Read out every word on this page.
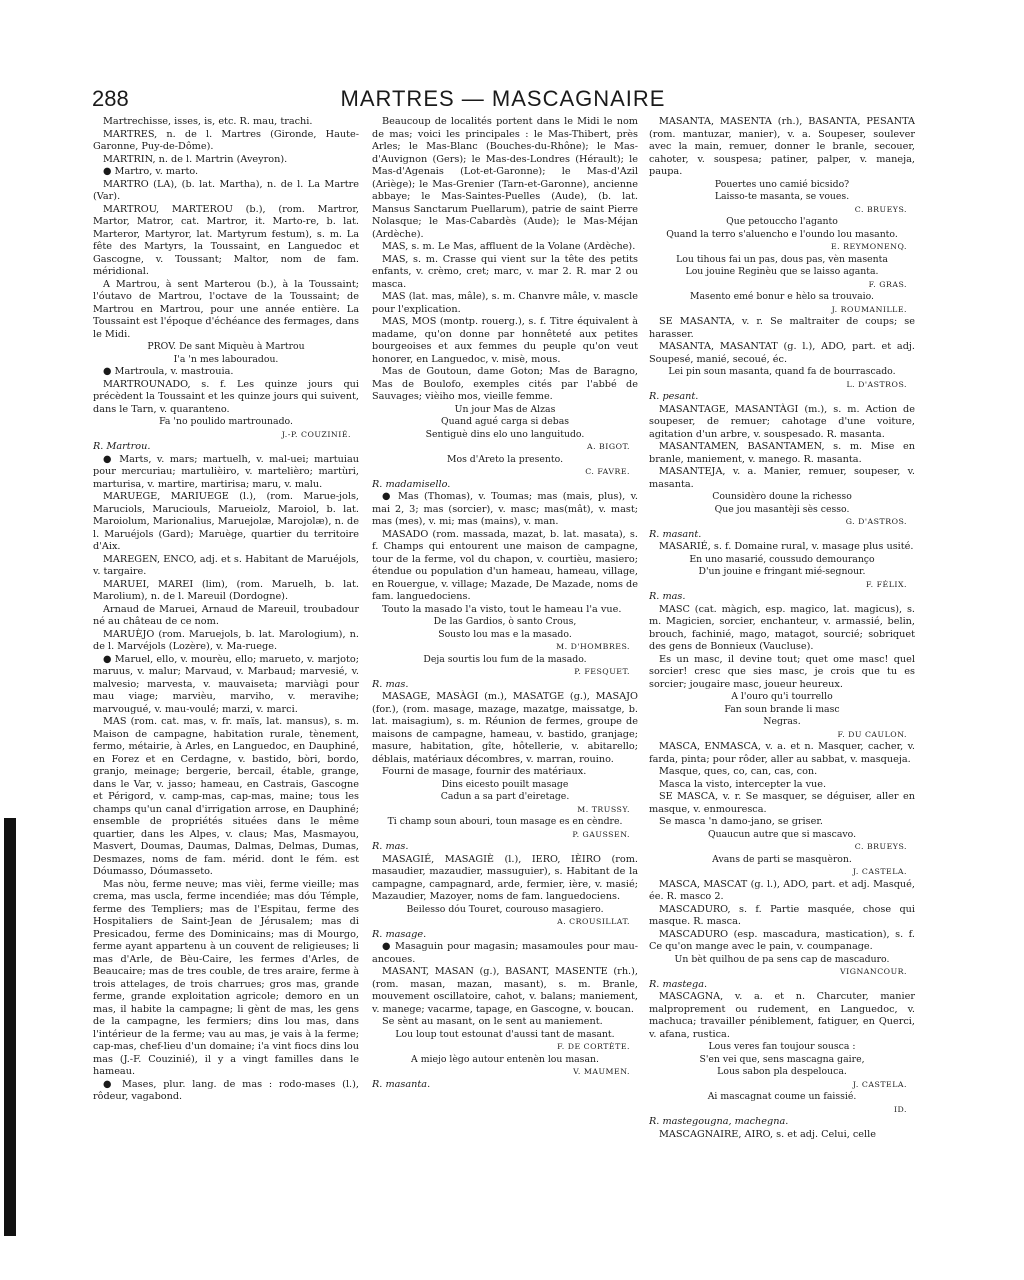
288	MARTRES — MASCAGNAIRE

Martrechisse, isses, is, etc. R. mau, trachi.

MARTRES, n. de l. Martres (Gironde, Haute-Garonne, Puy-de-Dôme).

MARTRIN, n. de l. Martrin (Aveyron).

● Martro, v. marto.

MARTRO (LA), (b. lat. Martha), n. de l. La Martre (Var).

MARTROU, MARTEROU (b.), (rom. Martror, Martor, Matror, cat. Martror, it. Marto-re, b. lat. Marteror, Martyror, lat. Martyrum festum), s. m. La fête des Martyrs, la Toussaint, en Languedoc et Gascogne, v. Toussant; Maltor, nom de fam. méridional.

A Martrou, à sent Marterou (b.), à la Toussaint; l'óutavo de Martrou, l'octave de la Toussaint; de Martrou en Martrou, pour une année entière. La Toussaint est l'époque d'échéance des fermages, dans le Midi.

PROV. De sant Miquèu à Martrou

I'a 'n mes labouradou.

● Martroula, v. mastrouia.

MARTROUNADO, s. f. Les quinze jours qui précèdent la Toussaint et les quinze jours qui suivent, dans le Tarn, v. quaranteno.

Fa 'no poulido martrounado.

J.-P. COUZINIÉ.

R. Martrou.

● Marts, v. mars; martuelh, v. mal-uei; martuiau pour mercuriau; martulièiro, v. martelièro; martùri, marturisa, v. martire, martirisa; maru, v. malu.

MARUEGE, MARIUEGE (l.), (rom. Marue-jols, Maruciols, Maruciouls, Marueiolz, Maroiol, b. lat. Maroiolum, Marionalius, Maruejolæ, Marojolæ), n. de l. Maruéjols (Gard); Maruège, quartier du territoire d'Aix.

MAREGEN, ENCO, adj. et s. Habitant de Maruéjols, v. targaire.

MARUEI, MAREI (lim), (rom. Maruelh, b. lat. Marolium), n. de l. Mareuil (Dordogne).

Arnaud de Maruei, Arnaud de Mareuil, troubadour né au château de ce nom.

MARUÈJO (rom. Maruejols, b. lat. Marologium), n. de l. Marvéjols (Lozère), v. Ma-ruege.

● Maruel, ello, v. mourèu, ello; marueto, v. marjoto; maruus, v. malur; Marvaud, v. Marbaud; marvesié, v. malvesio; marvesta, v. mauvaiseta; marviàgi pour mau viage; marvièu, marviho, v. meravihe; marvougué, v. mau-voulé; marzi, v. marci.

MAS (rom. cat. mas, v. fr. maïs, lat. mansus), s. m. Maison de campagne, habitation rurale, tènement, fermo, métairie, à Arles, en Languedoc, en Dauphiné, en Forez et en Cerdagne, v. bastido, bòri, bordo, granjo, meinage; bergerie, bercail, étable, grange, dans le Var, v. jasso; hameau, en Castrais, Gascogne et Périgord, v. camp-mas, cap-mas, maine; tous les champs qu'un canal d'irrigation arrose, en Dauphiné; ensemble de propriétés situées dans le même quartier, dans les Alpes, v. claus; Mas, Masmayou, Masvert, Doumas, Daumas, Dalmas, Delmas, Dumas, Desmazes, noms de fam. mérid. dont le fém. est Dóumasso, Dóumasseto.

Mas nòu, ferme neuve; mas vièi, ferme vieille; mas crema, mas uscla, ferme incendiée; mas dóu Témple, ferme des Templiers; mas de l'Espitau, ferme des Hospitaliers de Saint-Jean de Jérusalem; mas di Presicadou, ferme des Dominicains; mas di Mourgo, ferme ayant appartenu à un couvent de religieuses; li mas d'Arle, de Bèu-Caire, les fermes d'Arles, de Beaucaire; mas de tres couble, de tres araire, ferme à trois attelages, de trois charrues; gros mas, grande ferme, grande exploitation agricole; demoro en un mas, il habite la campagne; li gènt de mas, les gens de la campagne, les fermiers; dins lou mas, dans l'intérieur de la ferme; vau au mas, je vais à la ferme; cap-mas, chef-lieu d'un domaine; i'a vint fiocs dins lou mas (J.-F. Couzinié), il y a vingt familles dans le hameau.

● Mases, plur. lang. de mas : rodo-mases (l.), rôdeur, vagabond.

Beaucoup de localités portent dans le Midi le nom de mas; voici les principales : le Mas-Thibert, près Arles; le Mas-Blanc (Bouches-du-Rhône); le Mas-d'Auvignon (Gers); le Mas-des-Londres (Hérault); le Mas-d'Agenais (Lot-et-Garonne); le Mas-d'Azil (Ariège); le Mas-Grenier (Tarn-et-Garonne), ancienne abbaye; le Mas-Saintes-Puelles (Aude), (b. lat. Mansus Sanctarum Puellarum), patrie de saint Pierre Nolasque; le Mas-Cabardès (Aude); le Mas-Méjan (Ardèche).

MAS, s. m. Le Mas, affluent de la Volane (Ardèche).

MAS, s. m. Crasse qui vient sur la tête des petits enfants, v. crèmo, cret; marc, v. mar 2. R. mar 2 ou masca.

MAS (lat. mas, mâle), s. m. Chanvre mâle, v. mascle pour l'explication.

MAS, MOS (montp. rouerg.), s. f. Titre équivalent à madame, qu'on donne par honnêteté aux petites bourgeoises et aux femmes du peuple qu'on veut honorer, en Languedoc, v. misè, mous.

Mas de Goutoun, dame Goton; Mas de Baragno, Mas de Boulofo, exemples cités par l'abbé de Sauvages; vièiho mos, vieille femme.

Un jour Mas de Alzas

Quand agué carga si debas

Sentiguè dins elo uno languitudo.

A. BIGOT.

Mos d'Areto la presento.

C. FAVRE.

R. madamisello.

● Mas (Thomas), v. Toumas; mas (mais, plus), v. mai 2, 3; mas (sorcier), v. masc; mas(mât), v. mast; mas (mes), v. mi; mas (mains), v. man.

MASADO (rom. massada, mazat, b. lat. masata), s. f. Champs qui entourent une maison de campagne, tour de la ferme, vol du chapon, v. courtièu, masiero; étendue ou population d'un hameau, hameau, village, en Rouergue, v. village; Mazade, De Mazade, noms de fam. languedociens.

Touto la masado l'a visto, tout le hameau l'a vue.

De las Gardios, ò santo Crous,

Sousto lou mas e la masado.

M. D'HOMBRES.

Deja sourtis lou fum de la masado.

P. FESQUET.

R. mas.

MASAGE, MASÀGI (m.), MASATGE (g.), MASAJO (for.), (rom. masage, mazage, mazatge, maissatge, b. lat. maisagium), s. m. Réunion de fermes, groupe de maisons de campagne, hameau, v. bastido, granjage; masure, habitation, gîte, hôtellerie, v. abitarello; déblais, matériaux décombres, v. marran, rouino.

Fourni de masage, fournir des matériaux.

Dins eicesto pouilt masage

Cadun a sa part d'eiretage.

M. TRUSSY.

Ti champ soun abouri, toun masage es en cèndre.

P. GAUSSEN.

R. mas.

MASAGIÉ, MASAGIÈ (l.), IERO, IÈIRO (rom. masaudier, mazaudier, massuguier), s. Habitant de la campagne, campagnard, arde, fermier, ière, v. masié; Mazaudier, Mazoyer, noms de fam. languedociens.

Beilesso dóu Touret, courouso masagiero.

A. CROUSILLAT.

R. masage.

● Masaguin pour magasin; masamoules pour mau-ancoues.

MASANT, MASAN (g.), BASANT, MASENTE (rh.), (rom. masan, mazan, masant), s. m. Branle, mouvement oscillatoire, cahot, v. balans; maniement, v. manege; vacarme, tapage, en Gascogne, v. boucan.

Se sènt au masant, on le sent au maniement.

Lou loup tout estounat d'aussi tant de masant.

F. DE CORTÈTE.

A miejo lègo autour entenèn lou masan.

V. MAUMEN.

R. masanta.

MASANTA, MASENTA (rh.), BASANTA, PESANTA (rom. mantuzar, manier), v. a. Soupeser, soulever avec la main, remuer, donner le branle, secouer, cahoter, v. souspesa; patiner, palper, v. maneja, paupa.

Pouertes uno camié bicsido?

Laisso-te masanta, se voues.

C. BRUEYS.

Que petouccho l'aganto

Quand la terro s'aluencho e l'oundo lou masanto.

E. REYMONENQ.

Lou tihous fai un pas, dous pas, vèn masenta

Lou jouine Reginèu que se laisso aganta.

F. GRAS.

Masento emé bonur e hèlo sa trouvaio.

J. ROUMANILLE.

SE MASANTA, v. r. Se maltraiter de coups; se harasser.

MASANTA, MASANTAT (g. l.), ADO, part. et adj. Soupesé, manié, secoué, éc.

Lei pin soun masanta, quand fa de bourrascado.

L. D'ASTROS.

R. pesant.

MASANTAGE, MASANTÀGI (m.), s. m. Action de soupeser, de remuer; cahotage d'une voiture, agitation d'un arbre, v. souspesado. R. masanta.

MASANTAMEN, BASANTAMEN, s. m. Mise en branle, maniement, v. manego. R. masanta.

MASANTEJA, v. a. Manier, remuer, soupeser, v. masanta.

Counsidèro doune la richesso

Que jou masantèji sès cesso.

G. D'ASTROS.

R. masant.

MASARIÉ, s. f. Domaine rural, v. masage plus usité.

En uno masarié, coussudo demouranço

D'un jouine e fringant mié-segnour.

F. FÉLIX.

R. mas.

MASC (cat. màgich, esp. magico, lat. magicus), s. m. Magicien, sorcier, enchanteur, v. armassié, belin, brouch, fachinié, mago, matagot, sourcié; sobriquet des gens de Bonnieux (Vaucluse).

Es un masc, il devine tout; quet ome masc! quel sorcier! cresc que sies masc, je crois que tu es sorcier; jougaire masc, joueur heureux.

A l'ouro qu'i tourrello

Fan soun brande li masc

Negras.

F. DU CAULON.

MASCA, ENMASCA, v. a. et n. Masquer, cacher, v. farda, pinta; pour rôder, aller au sabbat, v. masqueja.

Masque, ques, co, can, cas, con.

Masca la visto, intercepter la vue.

SE MASCA, v. r. Se masquer, se déguiser, aller en masque, v. enmouresca.

Se masca 'n damo-jano, se griser.

Quaucun autre que si mascavo.

C. BRUEYS.

Avans de parti se masquèron.

J. CASTELA.

MASCA, MASCAT (g. l.), ADO, part. et adj. Masqué, ée. R. masco 2.

MASCADURO, s. f. Partie masquée, chose qui masque. R. masca.

MASCADURO (esp. mascadura, mastication), s. f. Ce qu'on mange avec le pain, v. coumpanage.

Un bèt quilhou de pa sens cap de mascaduro.

VIGNANCOUR.

R. mastega.

MASCAGNA, v. a. et n. Charcuter, manier malproprement ou rudement, en Languedoc, v. machuca; travailler péniblement, fatiguer, en Querci, v. afana, rustica.

Lous veres fan toujour sousca :

S'en vei que, sens mascagna gaire,

Lous sabon pla despelouca.

J. CASTELA.

Ai mascagnat coume un faissié.

ID.

R. mastegougna, machegna.

MASCAGNAIRE, AIRO, s. et adj. Celui, celle
